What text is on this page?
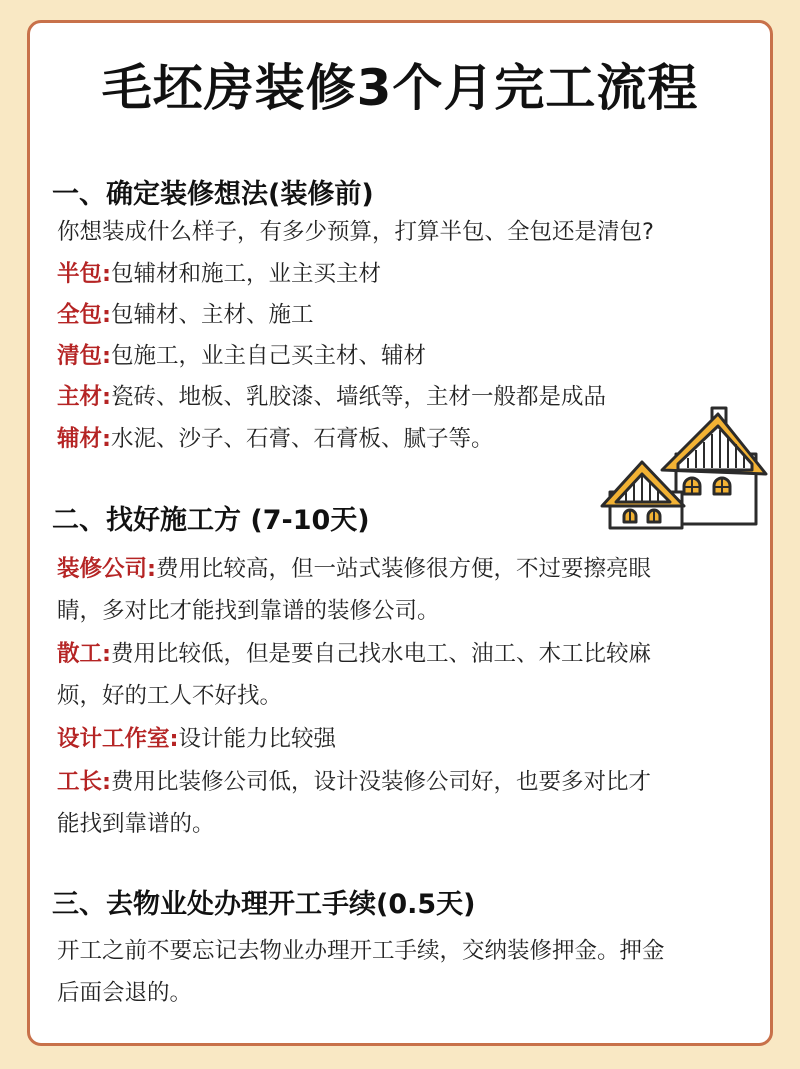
毛坯房装修3个月完工流程
一、确定装修想法(装修前)
你想装成什么样子，有多少预算，打算半包、全包还是清包?
半包:包辅材和施工，业主买主材
全包:包辅材、主材、施工
清包:包施工，业主自己买主材、辅材
主材:瓷砖、地板、乳胶漆、墙纸等，主材一般都是成品
辅材:水泥、沙子、石膏、石膏板、腻子等。
二、找好施工方 (7-10天)
装修公司:费用比较高，但一站式装修很方便，不过要擦亮眼
睛，多对比才能找到靠谱的装修公司。
散工:费用比较低，但是要自己找水电工、油工、木工比较麻
烦，好的工人不好找。
设计工作室:设计能力比较强
工长:费用比装修公司低，设计没装修公司好，也要多对比才
能找到靠谱的。
三、去物业处办理开工手续(0.5天)
开工之前不要忘记去物业办理开工手续，交纳装修押金。押金
后面会退的。
